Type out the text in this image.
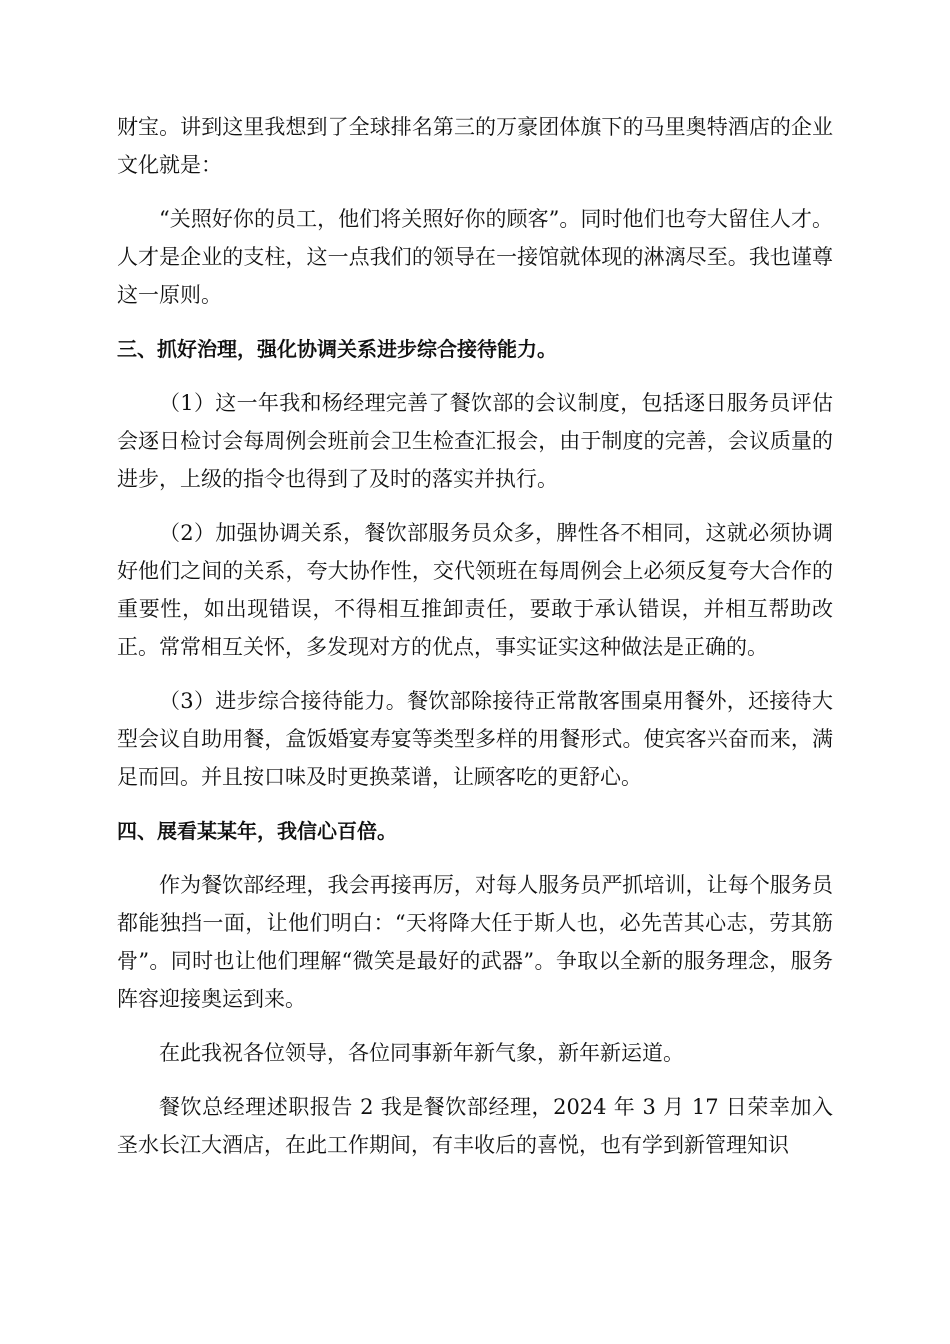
财宝。讲到这里我想到了全球排名第三的万豪团体旗下的马里奥特酒店的企业文化就是：

“关照好你的员工，他们将关照好你的顾客”。同时他们也夸大留住人才。人才是企业的支柱，这一点我们的领导在一接馆就体现的淋漓尽至。我也谨尊这一原则。

三、抓好治理，强化协调关系进步综合接待能力。

（1）这一年我和杨经理完善了餐饮部的会议制度，包括逐日服务员评估会逐日检讨会每周例会班前会卫生检查汇报会，由于制度的完善，会议质量的进步，上级的指令也得到了及时的落实并执行。

（2）加强协调关系，餐饮部服务员众多，脾性各不相同，这就必须协调好他们之间的关系，夸大协作性，交代领班在每周例会上必须反复夸大合作的重要性，如出现错误，不得相互推卸责任，要敢于承认错误，并相互帮助改正。常常相互关怀，多发现对方的优点，事实证实这种做法是正确的。

（3）进步综合接待能力。餐饮部除接待正常散客围桌用餐外，还接待大型会议自助用餐，盒饭婚宴寿宴等类型多样的用餐形式。使宾客兴奋而来，满足而回。并且按口味及时更换菜谱，让顾客吃的更舒心。

四、展看某某年，我信心百倍。

作为餐饮部经理，我会再接再厉，对每人服务员严抓培训，让每个服务员都能独挡一面，让他们明白：“天将降大任于斯人也，必先苦其心志，劳其筋骨”。同时也让他们理解“微笑是最好的武器”。争取以全新的服务理念，服务阵容迎接奥运到来。

在此我祝各位领导，各位同事新年新气象，新年新运道。

餐饮总经理述职报告 2 我是餐饮部经理，2024 年 3 月 17 日荣幸加入圣水长江大酒店，在此工作期间，有丰收后的喜悦，也有学到新管理知识
